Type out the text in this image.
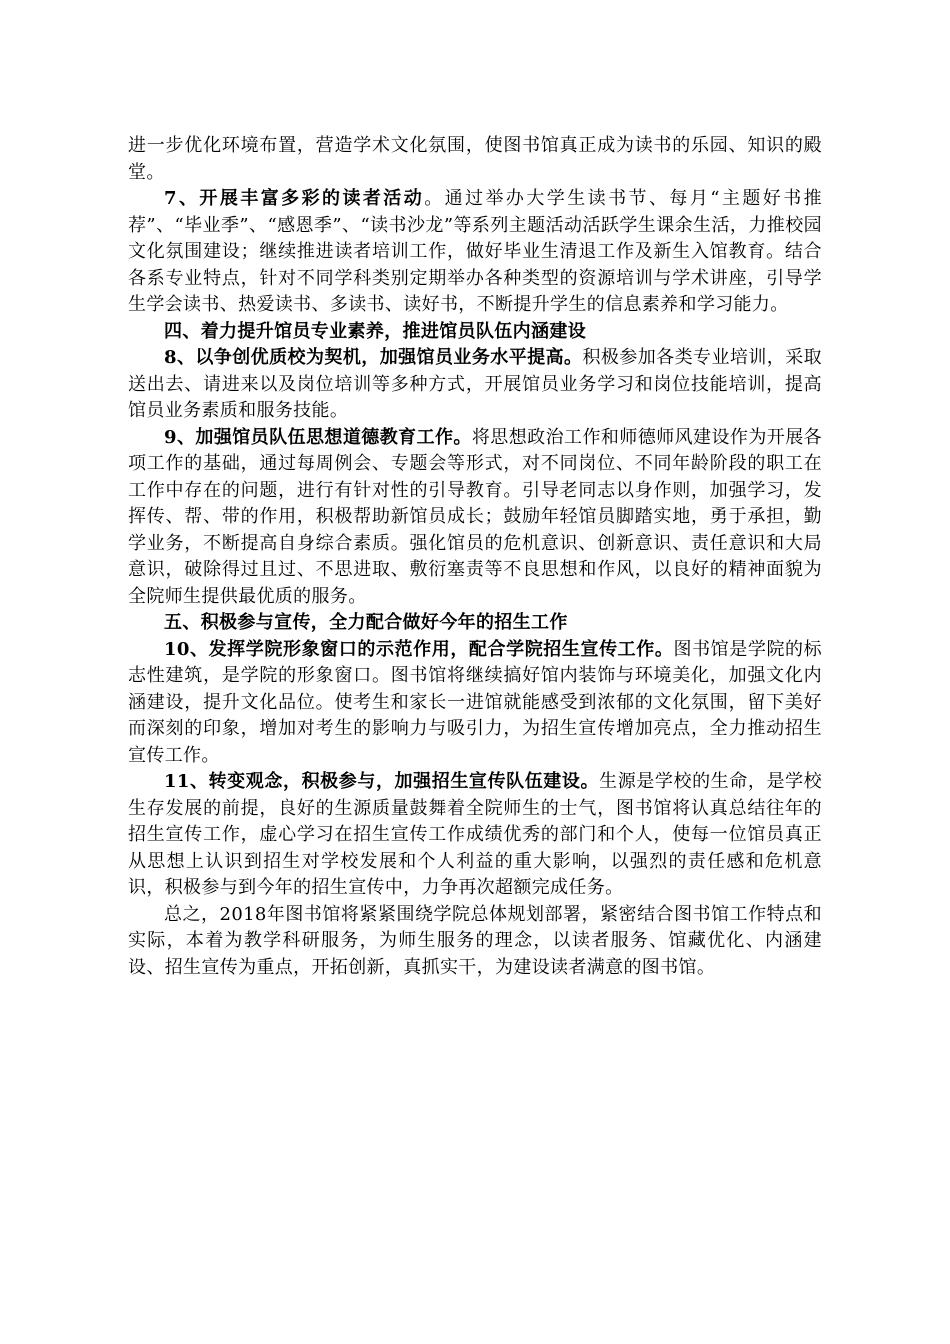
进一步优化环境布置，营造学术文化氛围，使图书馆真正成为读书的乐园、知识的殿堂。

7、开展丰富多彩的读者活动。通过举办大学生读书节、每月“主题好书推荐”、“毕业季”、“感恩季”、“读书沙龙”等系列主题活动活跃学生课余生活，力推校园文化氛围建设；继续推进读者培训工作，做好毕业生清退工作及新生入馆教育。结合各系专业特点，针对不同学科类别定期举办各种类型的资源培训与学术讲座，引导学生学会读书、热爱读书、多读书、读好书，不断提升学生的信息素养和学习能力。

四、着力提升馆员专业素养，推进馆员队伍内涵建设

8、以争创优质校为契机，加强馆员业务水平提高。积极参加各类专业培训，采取送出去、请进来以及岗位培训等多种方式，开展馆员业务学习和岗位技能培训，提高馆员业务素质和服务技能。

9、加强馆员队伍思想道德教育工作。将思想政治工作和师德师风建设作为开展各项工作的基础，通过每周例会、专题会等形式，对不同岗位、不同年龄阶段的职工在工作中存在的问题，进行有针对性的引导教育。引导老同志以身作则，加强学习，发挥传、帮、带的作用，积极帮助新馆员成长；鼓励年轻馆员脚踏实地，勇于承担，勤学业务，不断提高自身综合素质。强化馆员的危机意识、创新意识、责任意识和大局意识，破除得过且过、不思进取、敷衍塞责等不良思想和作风，以良好的精神面貌为全院师生提供最优质的服务。

五、积极参与宣传，全力配合做好今年的招生工作

10、发挥学院形象窗口的示范作用，配合学院招生宣传工作。图书馆是学院的标志性建筑，是学院的形象窗口。图书馆将继续搞好馆内装饰与环境美化，加强文化内涵建设，提升文化品位。使考生和家长一进馆就能感受到浓郁的文化氛围，留下美好而深刻的印象，增加对考生的影响力与吸引力，为招生宣传增加亮点，全力推动招生宣传工作。

11、转变观念，积极参与，加强招生宣传队伍建设。生源是学校的生命，是学校生存发展的前提，良好的生源质量鼓舞着全院师生的士气，图书馆将认真总结往年的招生宣传工作，虚心学习在招生宣传工作成绩优秀的部门和个人，使每一位馆员真正从思想上认识到招生对学校发展和个人利益的重大影响，以强烈的责任感和危机意识，积极参与到今年的招生宣传中，力争再次超额完成任务。

总之，2018年图书馆将紧紧围绕学院总体规划部署，紧密结合图书馆工作特点和实际，本着为教学科研服务，为师生服务的理念，以读者服务、馆藏优化、内涵建设、招生宣传为重点，开拓创新，真抓实干，为建设读者满意的图书馆。
